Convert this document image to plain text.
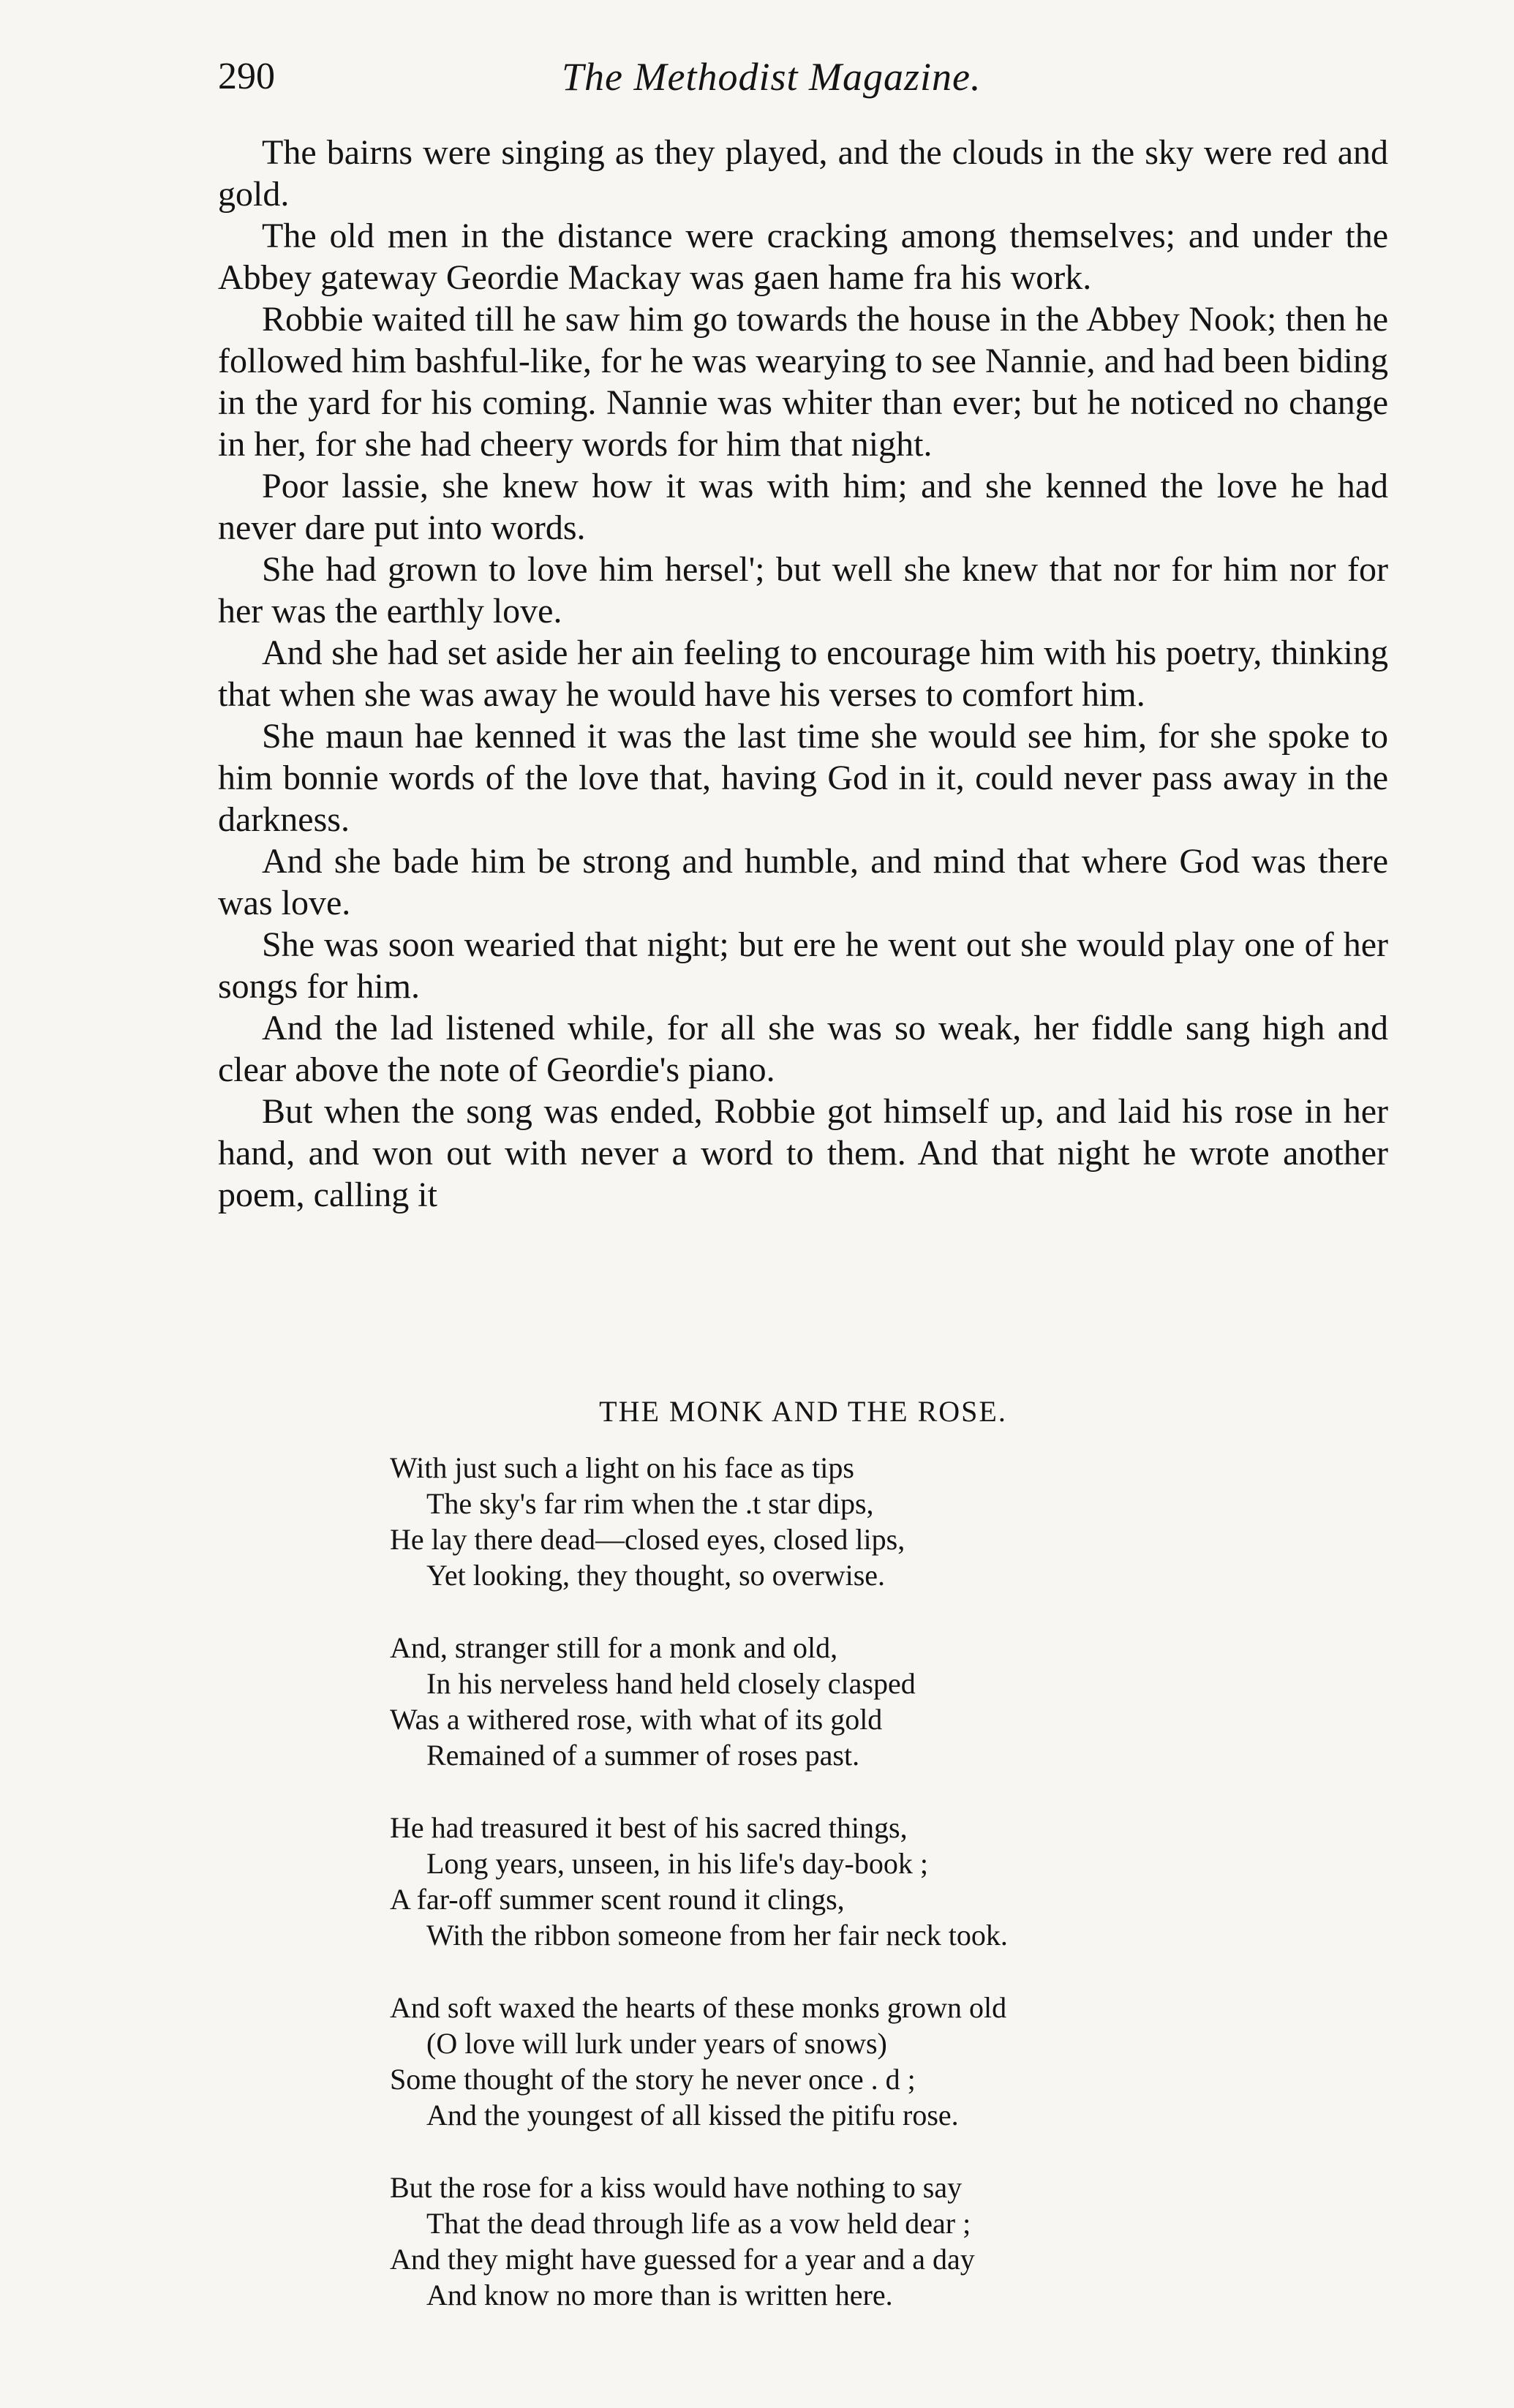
290	The Methodist Magazine.

The bairns were singing as they played, and the clouds in the sky were red and gold.

The old men in the distance were cracking among themselves; and under the Abbey gateway Geordie Mackay was gaen hame fra his work.

Robbie waited till he saw him go towards the house in the Abbey Nook; then he followed him bashful-like, for he was wearying to see Nannie, and had been biding in the yard for his coming. Nannie was whiter than ever; but he noticed no change in her, for she had cheery words for him that night.

Poor lassie, she knew how it was with him; and she kenned the love he had never dare put into words.

She had grown to love him hersel'; but well she knew that nor for him nor for her was the earthly love.

And she had set aside her ain feeling to encourage him with his poetry, thinking that when she was away he would have his verses to comfort him.

She maun hae kenned it was the last time she would see him, for she spoke to him bonnie words of the love that, having God in it, could never pass away in the darkness.

And she bade him be strong and humble, and mind that where God was there was love.

She was soon wearied that night; but ere he went out she would play one of her songs for him.

And the lad listened while, for all she was so weak, her fiddle sang high and clear above the note of Geordie's piano.

But when the song was ended, Robbie got himself up, and laid his rose in her hand, and won out with never a word to them. And that night he wrote another poem, calling it

THE MONK AND THE ROSE.
With just such a light on his face as tips
The sky's far rim when the .t star dips,
He lay there dead—closed eyes, closed lips,
Yet looking, they thought, so overwise.
And, stranger still for a monk and old,
In his nerveless hand held closely clasped
Was a withered rose, with what of its gold
Remained of a summer of roses past.
He had treasured it best of his sacred things,
Long years, unseen, in his life's day-book ;
A far-off summer scent round it clings,
With the ribbon someone from her fair neck took.
And soft waxed the hearts of these monks grown old
(O love will lurk under years of snows)
Some thought of the story he never once . d ;
And the youngest of all kissed the pitifu rose.
But the rose for a kiss would have nothing to say
That the dead through life as a vow held dear ;
And they might have guessed for a year and a day
And know no more than is written here.
